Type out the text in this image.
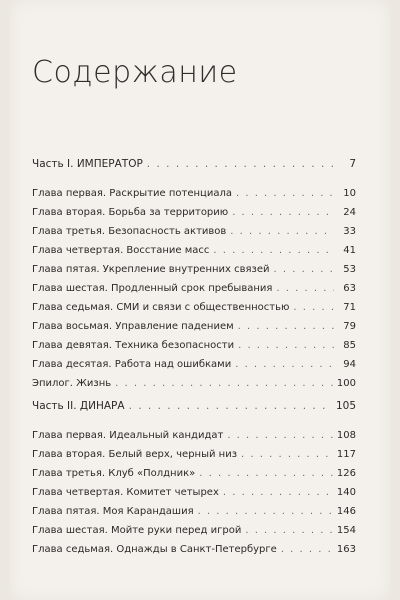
Содержание
Часть I. ИМПЕРАТОР . . .	7
Глава первая. Раскрытие потенциала . . .	10
Глава вторая. Борьба за территорию . . .	24
Глава третья. Безопасность активов . . .	33
Глава четвертая. Восстание масс . . .	41
Глава пятая. Укрепление внутренних связей . . .	53
Глава шестая. Продленный срок пребывания . . .	63
Глава седьмая. СМИ и связи с общественностью . . .	71
Глава восьмая. Управление падением . . .	79
Глава девятая. Техника безопасности . . .	85
Глава десятая. Работа над ошибками . . .	94
Эпилог. Жизнь . . .	100
Часть II. ДИНАРА . . .	105
Глава первая. Идеальный кандидат . . .	108
Глава вторая. Белый верх, черный низ . . .	117
Глава третья. Клуб «Полдник» . . .	126
Глава четвертая. Комитет четырех . . .	140
Глава пятая. Моя Карандашия . . .	146
Глава шестая. Мойте руки перед игрой . . .	154
Глава седьмая. Однажды в Санкт-Петербурге . . .	163
